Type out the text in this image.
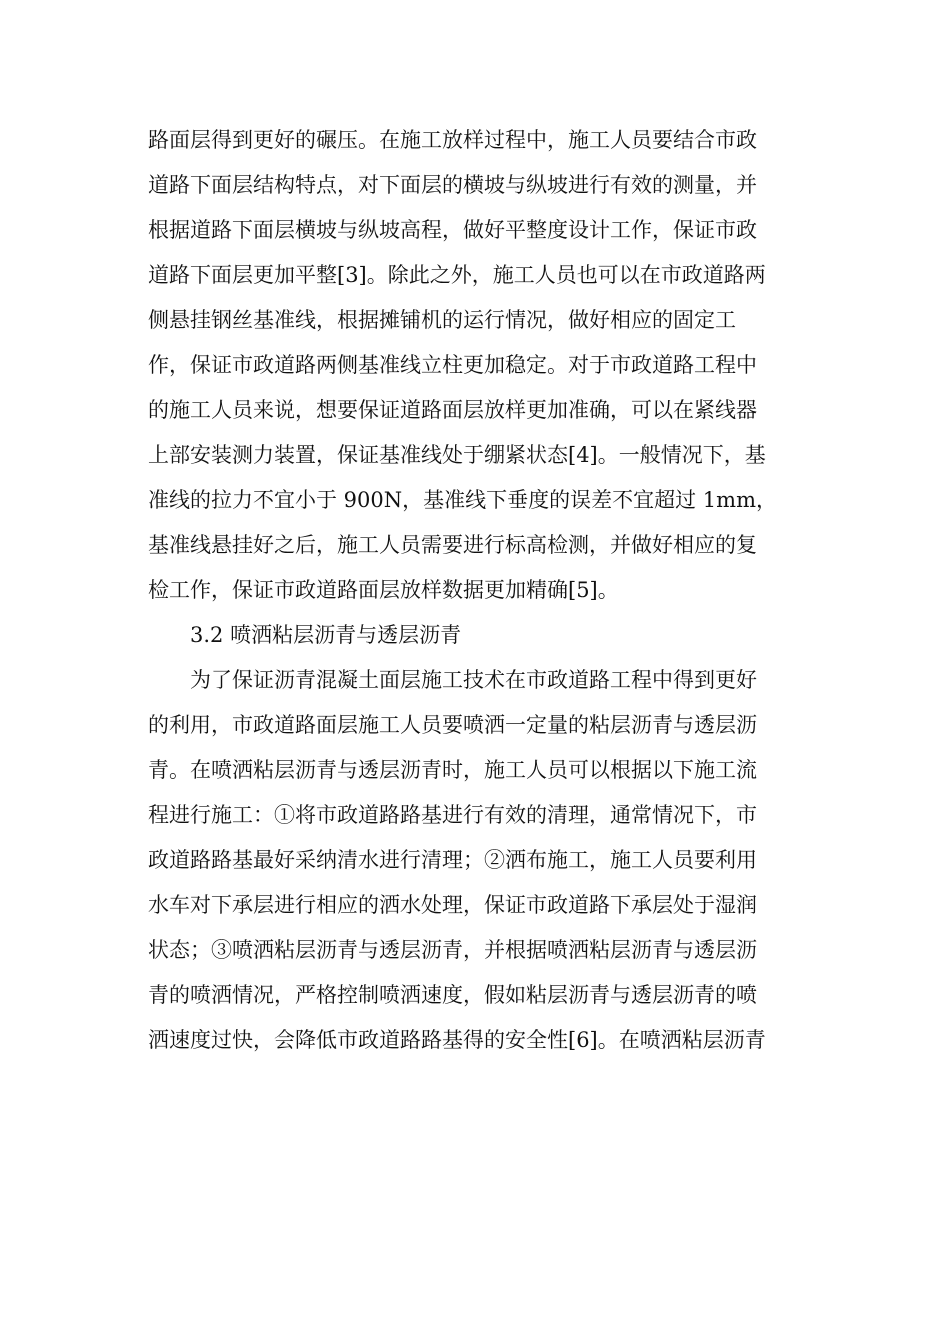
路面层得到更好的碾压。在施工放样过程中，施工人员要结合市政
道路下面层结构特点，对下面层的横坡与纵坡进行有效的测量，并
根据道路下面层横坡与纵坡高程，做好平整度设计工作，保证市政
道路下面层更加平整[3]。除此之外，施工人员也可以在市政道路两
侧悬挂钢丝基准线，根据摊铺机的运行情况，做好相应的固定工
作，保证市政道路两侧基准线立柱更加稳定。对于市政道路工程中
的施工人员来说，想要保证道路面层放样更加准确，可以在紧线器
上部安装测力装置，保证基准线处于绷紧状态[4]。一般情况下，基
准线的拉力不宜小于 900N，基准线下垂度的误差不宜超过 1mm，
基准线悬挂好之后，施工人员需要进行标高检测，并做好相应的复
检工作，保证市政道路面层放样数据更加精确[5]。
3.2 喷洒粘层沥青与透层沥青
为了保证沥青混凝土面层施工技术在市政道路工程中得到更好
的利用，市政道路面层施工人员要喷洒一定量的粘层沥青与透层沥
青。在喷洒粘层沥青与透层沥青时，施工人员可以根据以下施工流
程进行施工：①将市政道路路基进行有效的清理，通常情况下，市
政道路路基最好采纳清水进行清理；②洒布施工，施工人员要利用
水车对下承层进行相应的洒水处理，保证市政道路下承层处于湿润
状态；③喷洒粘层沥青与透层沥青，并根据喷洒粘层沥青与透层沥
青的喷洒情况，严格控制喷洒速度，假如粘层沥青与透层沥青的喷
洒速度过快，会降低市政道路路基得的安全性[6]。在喷洒粘层沥青
